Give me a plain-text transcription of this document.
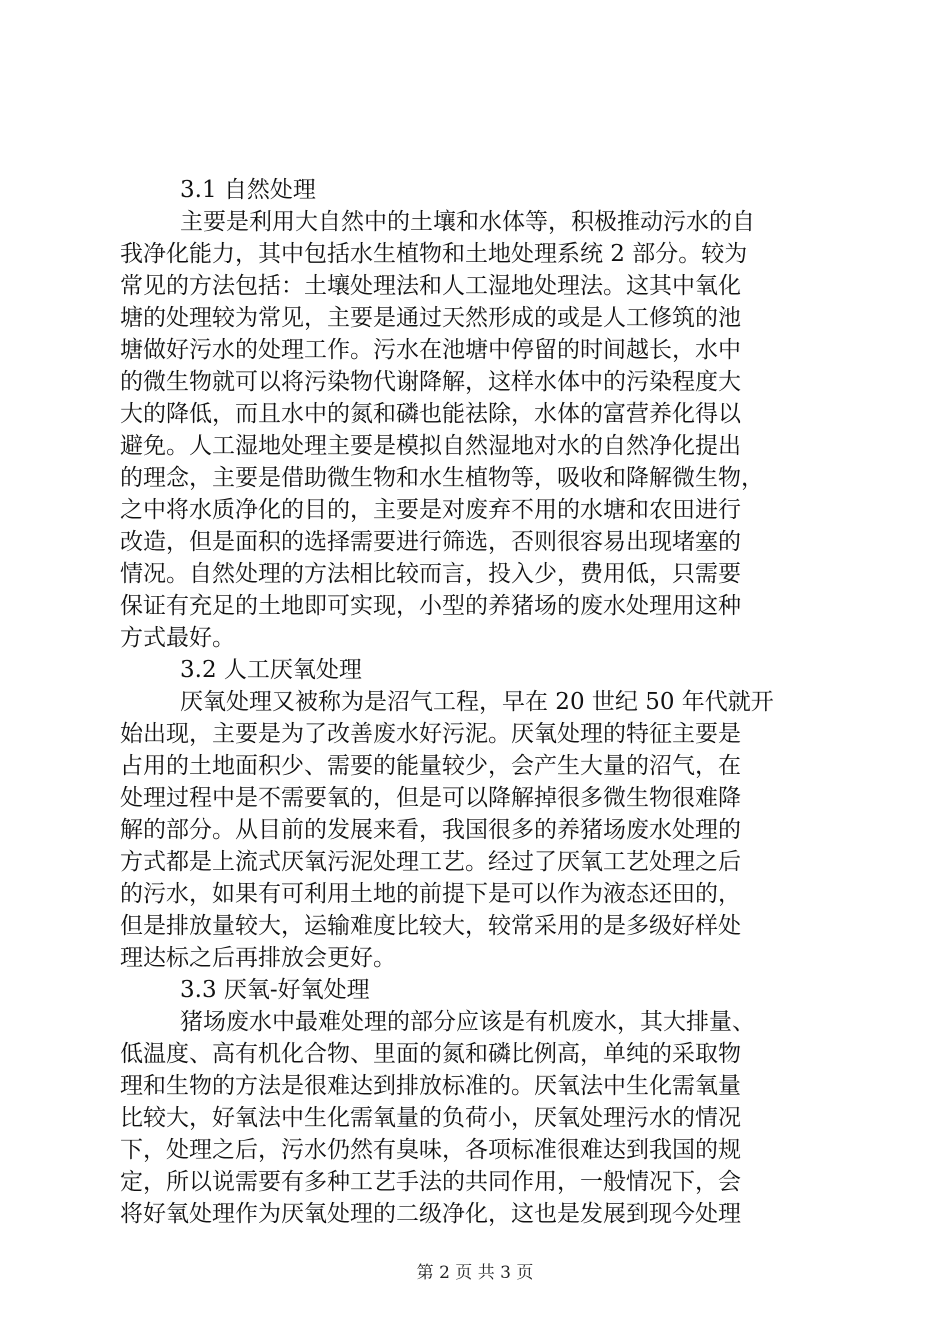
3.1 自然处理
主要是利用大自然中的土壤和水体等，积极推动污水的自
我净化能力，其中包括水生植物和土地处理系统 2 部分。较为
常见的方法包括：土壤处理法和人工湿地处理法。这其中氧化
塘的处理较为常见，主要是通过天然形成的或是人工修筑的池
塘做好污水的处理工作。污水在池塘中停留的时间越长，水中
的微生物就可以将污染物代谢降解，这样水体中的污染程度大
大的降低，而且水中的氮和磷也能祛除，水体的富营养化得以
避免。人工湿地处理主要是模拟自然湿地对水的自然净化提出
的理念，主要是借助微生物和水生植物等，吸收和降解微生物，
之中将水质净化的目的，主要是对废弃不用的水塘和农田进行
改造，但是面积的选择需要进行筛选，否则很容易出现堵塞的
情况。自然处理的方法相比较而言，投入少，费用低，只需要
保证有充足的土地即可实现，小型的养猪场的废水处理用这种
方式最好。
3.2 人工厌氧处理
厌氧处理又被称为是沼气工程，早在 20 世纪 50 年代就开
始出现，主要是为了改善废水好污泥。厌氧处理的特征主要是
占用的土地面积少、需要的能量较少，会产生大量的沼气，在
处理过程中是不需要氧的，但是可以降解掉很多微生物很难降
解的部分。从目前的发展来看，我国很多的养猪场废水处理的
方式都是上流式厌氧污泥处理工艺。经过了厌氧工艺处理之后
的污水，如果有可利用土地的前提下是可以作为液态还田的，
但是排放量较大，运输难度比较大，较常采用的是多级好样处
理达标之后再排放会更好。
3.3 厌氧-好氧处理
猪场废水中最难处理的部分应该是有机废水，其大排量、
低温度、高有机化合物、里面的氮和磷比例高，单纯的采取物
理和生物的方法是很难达到排放标准的。厌氧法中生化需氧量
比较大，好氧法中生化需氧量的负荷小，厌氧处理污水的情况
下，处理之后，污水仍然有臭味，各项标准很难达到我国的规
定，所以说需要有多种工艺手法的共同作用，一般情况下，会
将好氧处理作为厌氧处理的二级净化，这也是发展到现今处理
第 2 页 共 3 页
